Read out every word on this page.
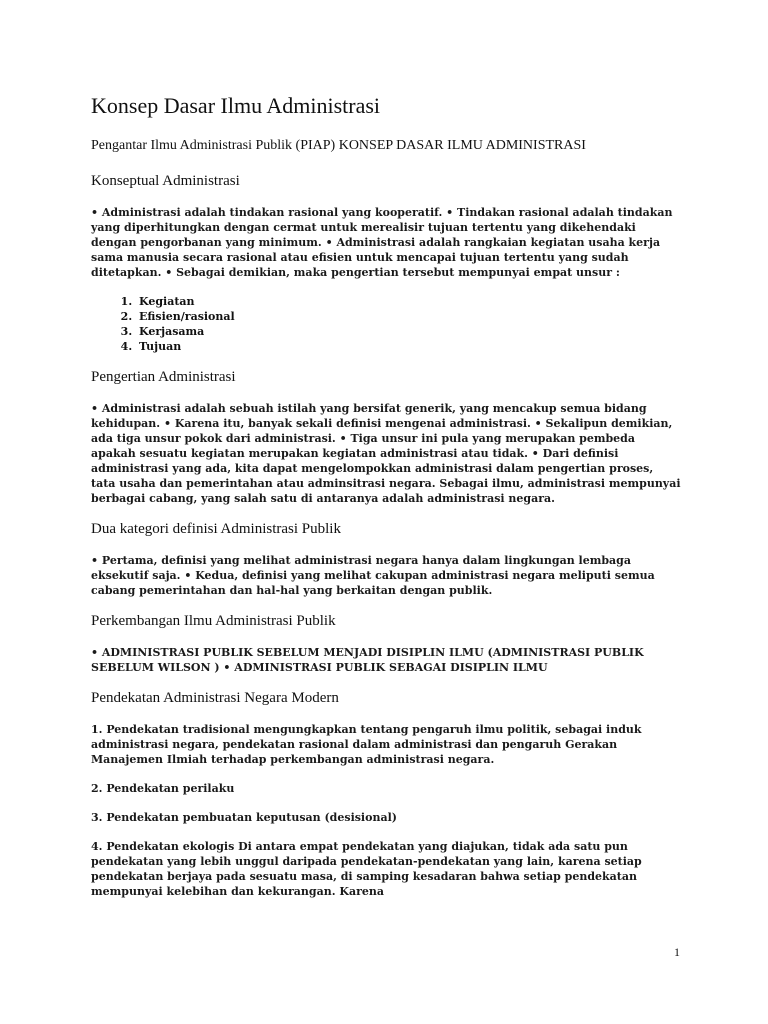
Konsep Dasar Ilmu Administrasi
Pengantar Ilmu Administrasi Publik (PIAP) KONSEP DASAR ILMU ADMINISTRASI
Konseptual Administrasi

• Administrasi adalah tindakan rasional yang kooperatif. • Tindakan rasional adalah tindakan yang diperhitungkan dengan cermat untuk merealisir tujuan tertentu yang dikehendaki dengan pengorbanan yang minimum. • Administrasi adalah rangkaian kegiatan usaha kerja sama manusia secara rasional atau efisien untuk mencapai tujuan tertentu yang sudah ditetapkan. • Sebagai demikian, maka pengertian tersebut mempunyai empat unsur :

1. Kegiatan
2. Efisien/rasional
3. Kerjasama
4. Tujuan
Pengertian Administrasi

• Administrasi adalah sebuah istilah yang bersifat generik, yang mencakup semua bidang kehidupan. • Karena itu, banyak sekali definisi mengenai administrasi. • Sekalipun demikian, ada tiga unsur pokok dari administrasi. • Tiga unsur ini pula yang merupakan pembeda apakah sesuatu kegiatan merupakan kegiatan administrasi atau tidak. • Dari definisi administrasi yang ada, kita dapat mengelompokkan administrasi dalam pengertian proses, tata usaha dan pemerintahan atau adminsitrasi negara. Sebagai ilmu, administrasi mempunyai berbagai cabang, yang salah satu di antaranya adalah administrasi negara.

Dua kategori definisi Administrasi Publik

• Pertama, definisi yang melihat administrasi negara hanya dalam lingkungan lembaga eksekutif saja. • Kedua, definisi yang melihat cakupan administrasi negara meliputi semua cabang pemerintahan dan hal-hal yang berkaitan dengan publik.

Perkembangan Ilmu Administrasi Publik

• ADMINISTRASI PUBLIK SEBELUM MENJADI DISIPLIN ILMU (ADMINISTRASI PUBLIK SEBELUM WILSON ) • ADMINISTRASI PUBLIK SEBAGAI DISIPLIN ILMU

Pendekatan Administrasi Negara Modern

1. Pendekatan tradisional mengungkapkan tentang pengaruh ilmu politik, sebagai induk administrasi negara, pendekatan rasional dalam administrasi dan pengaruh Gerakan Manajemen Ilmiah terhadap perkembangan administrasi negara.

2. Pendekatan perilaku

3. Pendekatan pembuatan keputusan (desisional)

4. Pendekatan ekologis Di antara empat pendekatan yang diajukan, tidak ada satu pun pendekatan yang lebih unggul daripada pendekatan-pendekatan yang lain, karena setiap pendekatan berjaya pada sesuatu masa, di samping kesadaran bahwa setiap pendekatan mempunyai kelebihan dan kekurangan. Karena

1
